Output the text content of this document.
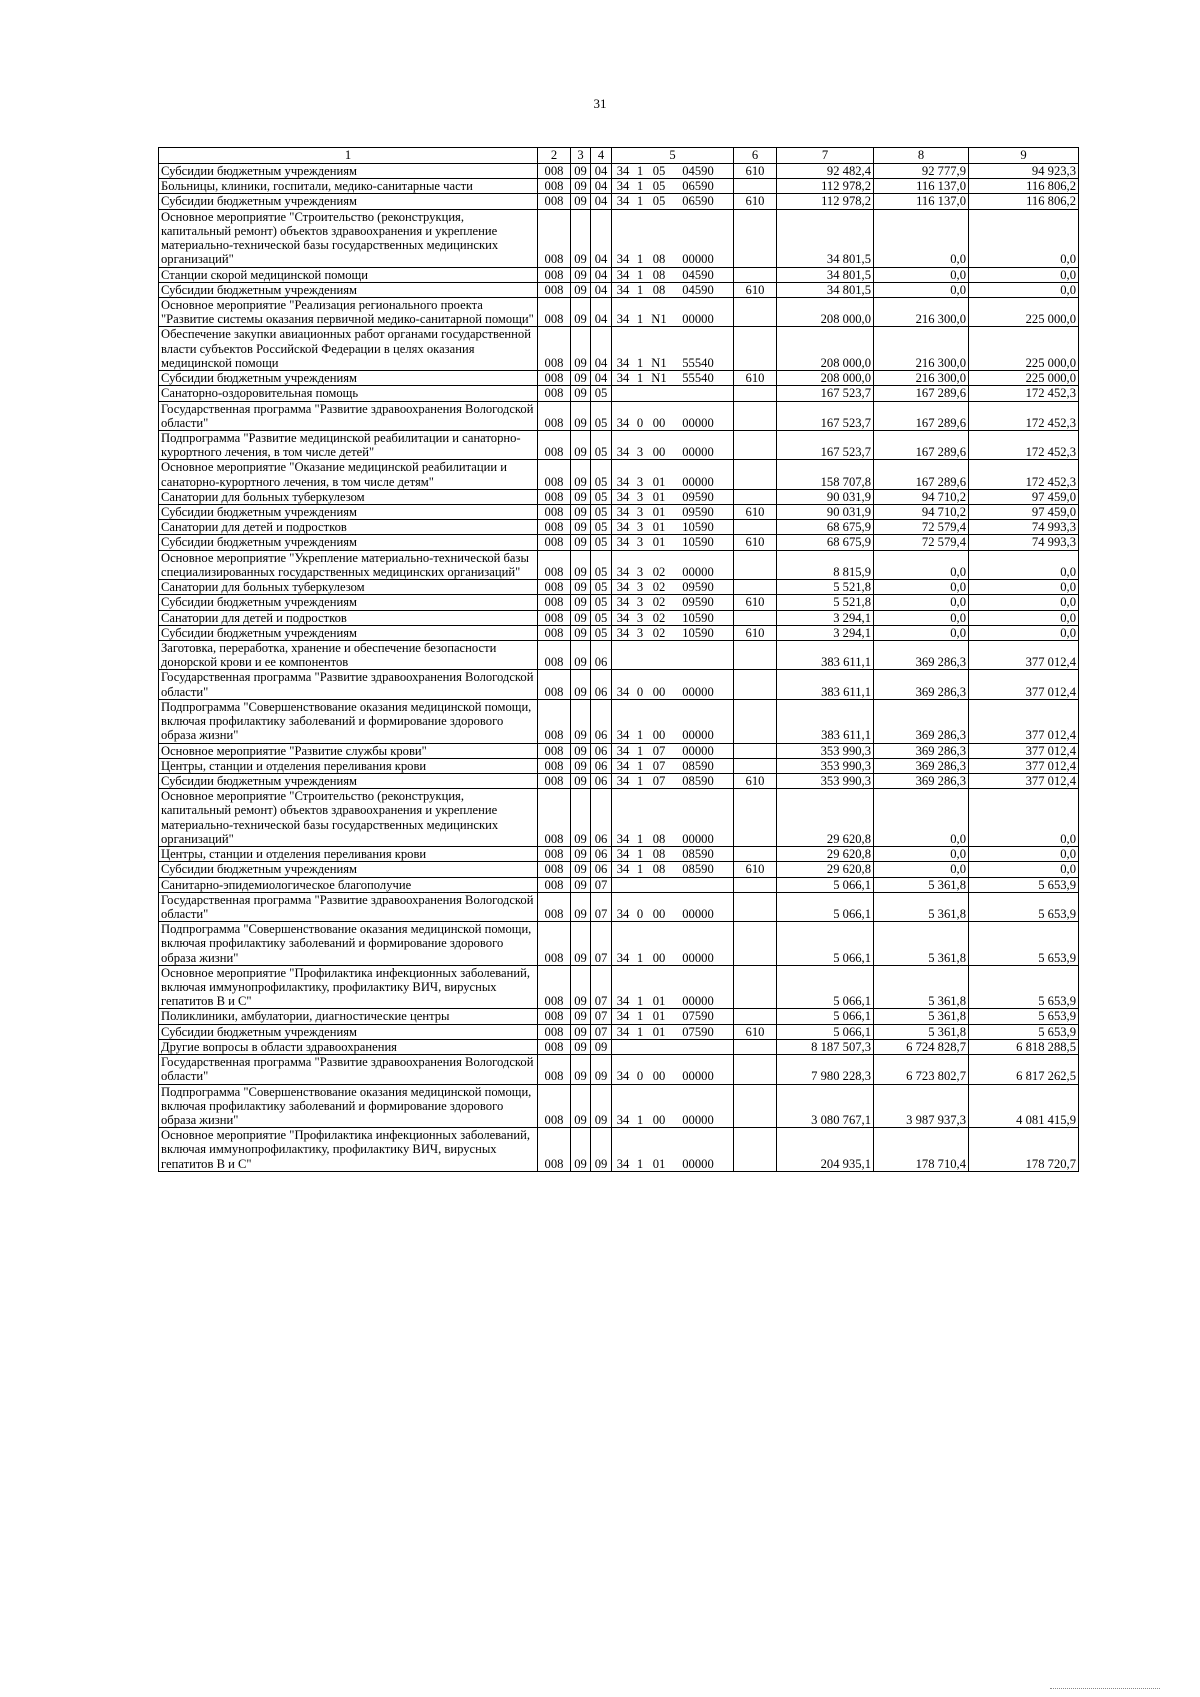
31
1	2	3	4	5	6	7	8	9
Субсидии бюджетным учреждениям	008	09	04	34 1 05 04590	610	92 482,4	92 777,9	94 923,3
Больницы, клиники, госпитали, медико-санитарные части	008	09	04	34 1 05 06590		112 978,2	116 137,0	116 806,2
Субсидии бюджетным учреждениям	008	09	04	34 1 05 06590	610	112 978,2	116 137,0	116 806,2
Основное мероприятие "Строительство (реконструкция, капитальный ремонт) объектов здравоохранения и укрепление материально-технической базы государственных медицинских организаций"	008	09	04	34 1 08 00000		34 801,5	0,0	0,0
Станции скорой медицинской помощи	008	09	04	34 1 08 04590		34 801,5	0,0	0,0
Субсидии бюджетным учреждениям	008	09	04	34 1 08 04590	610	34 801,5	0,0	0,0
Основное мероприятие "Реализация регионального проекта "Развитие системы оказания первичной медико-санитарной помощи"	008	09	04	34 1 N1 00000		208 000,0	216 300,0	225 000,0
Обеспечение закупки авиационных работ органами государственной власти субъектов Российской Федерации в целях оказания медицинской помощи	008	09	04	34 1 N1 55540		208 000,0	216 300,0	225 000,0
Субсидии бюджетным учреждениям	008	09	04	34 1 N1 55540	610	208 000,0	216 300,0	225 000,0
Санаторно-оздоровительная помощь	008	09	05			167 523,7	167 289,6	172 452,3
Государственная программа "Развитие здравоохранения Вологодской области"	008	09	05	34 0 00 00000		167 523,7	167 289,6	172 452,3
Подпрограмма "Развитие медицинской реабилитации и санаторно-курортного лечения, в том числе детей"	008	09	05	34 3 00 00000		167 523,7	167 289,6	172 452,3
Основное мероприятие "Оказание медицинской реабилитации и санаторно-курортного лечения, в том числе детям"	008	09	05	34 3 01 00000		158 707,8	167 289,6	172 452,3
Санатории для больных туберкулезом	008	09	05	34 3 01 09590		90 031,9	94 710,2	97 459,0
Субсидии бюджетным учреждениям	008	09	05	34 3 01 09590	610	90 031,9	94 710,2	97 459,0
Санатории для детей и подростков	008	09	05	34 3 01 10590		68 675,9	72 579,4	74 993,3
Субсидии бюджетным учреждениям	008	09	05	34 3 01 10590	610	68 675,9	72 579,4	74 993,3
Основное мероприятие "Укрепление материально-технической базы специализированных государственных медицинских организаций"	008	09	05	34 3 02 00000		8 815,9	0,0	0,0
Санатории для больных туберкулезом	008	09	05	34 3 02 09590		5 521,8	0,0	0,0
Субсидии бюджетным учреждениям	008	09	05	34 3 02 09590	610	5 521,8	0,0	0,0
Санатории для детей и подростков	008	09	05	34 3 02 10590		3 294,1	0,0	0,0
Субсидии бюджетным учреждениям	008	09	05	34 3 02 10590	610	3 294,1	0,0	0,0
Заготовка, переработка, хранение и обеспечение безопасности донорской крови и ее компонентов	008	09	06			383 611,1	369 286,3	377 012,4
Государственная программа "Развитие здравоохранения Вологодской области"	008	09	06	34 0 00 00000		383 611,1	369 286,3	377 012,4
Подпрограмма "Совершенствование оказания медицинской помощи, включая профилактику заболеваний и формирование здорового образа жизни"	008	09	06	34 1 00 00000		383 611,1	369 286,3	377 012,4
Основное мероприятие "Развитие службы крови"	008	09	06	34 1 07 00000		353 990,3	369 286,3	377 012,4
Центры, станции и отделения переливания крови	008	09	06	34 1 07 08590		353 990,3	369 286,3	377 012,4
Субсидии бюджетным учреждениям	008	09	06	34 1 07 08590	610	353 990,3	369 286,3	377 012,4
Основное мероприятие "Строительство (реконструкция, капитальный ремонт) объектов здравоохранения и укрепление материально-технической базы государственных медицинских организаций"	008	09	06	34 1 08 00000		29 620,8	0,0	0,0
Центры, станции и отделения переливания крови	008	09	06	34 1 08 08590		29 620,8	0,0	0,0
Субсидии бюджетным учреждениям	008	09	06	34 1 08 08590	610	29 620,8	0,0	0,0
Санитарно-эпидемиологическое благополучие	008	09	07			5 066,1	5 361,8	5 653,9
Государственная программа "Развитие здравоохранения Вологодской области"	008	09	07	34 0 00 00000		5 066,1	5 361,8	5 653,9
Подпрограмма "Совершенствование оказания медицинской помощи, включая профилактику заболеваний и формирование здорового образа жизни"	008	09	07	34 1 00 00000		5 066,1	5 361,8	5 653,9
Основное мероприятие "Профилактика инфекционных заболеваний, включая иммунопрофилактику, профилактику ВИЧ, вирусных гепатитов В и С"	008	09	07	34 1 01 00000		5 066,1	5 361,8	5 653,9
Поликлиники, амбулатории, диагностические центры	008	09	07	34 1 01 07590		5 066,1	5 361,8	5 653,9
Субсидии бюджетным учреждениям	008	09	07	34 1 01 07590	610	5 066,1	5 361,8	5 653,9
Другие вопросы в области здравоохранения	008	09	09			8 187 507,3	6 724 828,7	6 818 288,5
Государственная программа "Развитие здравоохранения Вологодской области"	008	09	09	34 0 00 00000		7 980 228,3	6 723 802,7	6 817 262,5
Подпрограмма "Совершенствование оказания медицинской помощи, включая профилактику заболеваний и формирование здорового образа жизни"	008	09	09	34 1 00 00000		3 080 767,1	3 987 937,3	4 081 415,9
Основное мероприятие "Профилактика инфекционных заболеваний, включая иммунопрофилактику, профилактику ВИЧ, вирусных гепатитов В и С"	008	09	09	34 1 01 00000		204 935,1	178 710,4	178 720,7
